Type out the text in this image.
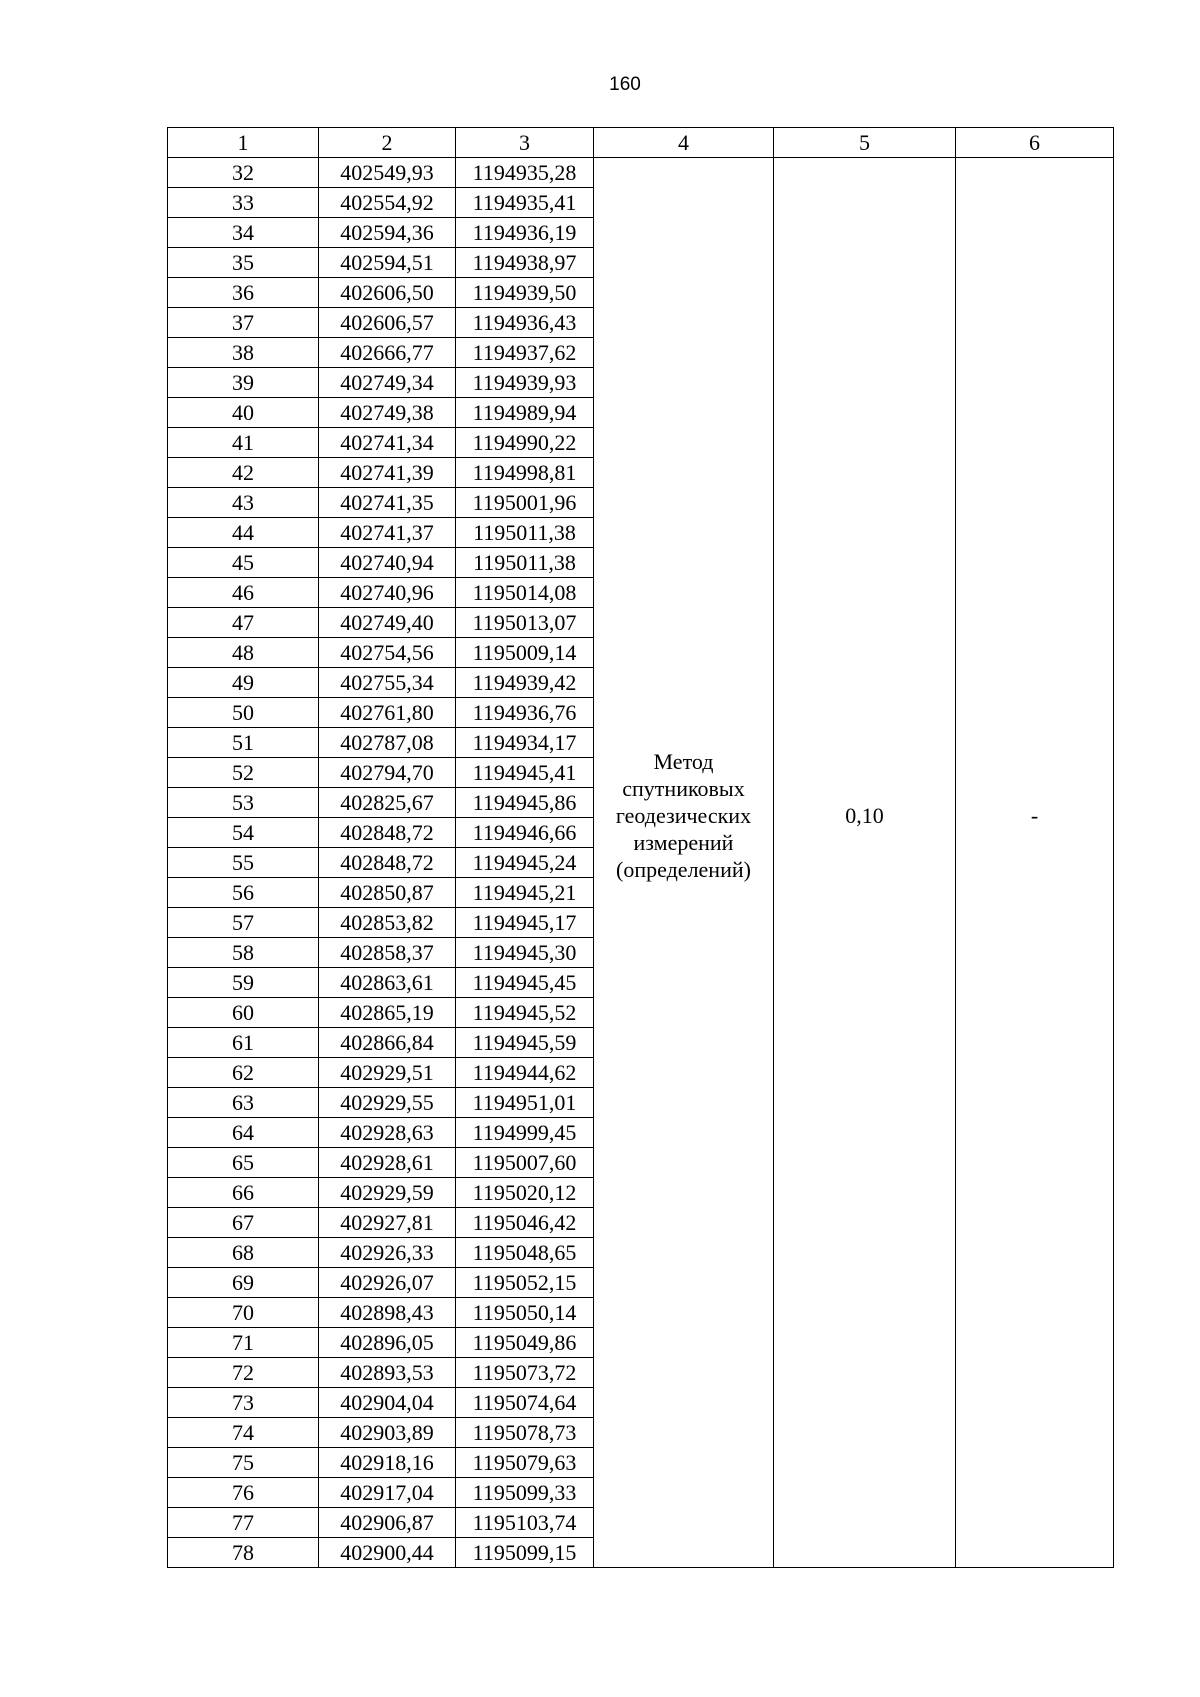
160
1	2	3	4	5	6
32	402549,93	1194935,28	Метод
спутниковых
геодезических
измерений
(определений)	0,10	-

33	402554,92	1194935,41			
34	402594,36	1194936,19			
35	402594,51	1194938,97			
36	402606,50	1194939,50			
37	402606,57	1194936,43			
38	402666,77	1194937,62			
39	402749,34	1194939,93			
40	402749,38	1194989,94			
41	402741,34	1194990,22			
42	402741,39	1194998,81			
43	402741,35	1195001,96			
44	402741,37	1195011,38			
45	402740,94	1195011,38			
46	402740,96	1195014,08			
47	402749,40	1195013,07			
48	402754,56	1195009,14			
49	402755,34	1194939,42			
50	402761,80	1194936,76			
51	402787,08	1194934,17			
52	402794,70	1194945,41			
53	402825,67	1194945,86			
54	402848,72	1194946,66			
55	402848,72	1194945,24			
56	402850,87	1194945,21			
57	402853,82	1194945,17			
58	402858,37	1194945,30			
59	402863,61	1194945,45			
60	402865,19	1194945,52			
61	402866,84	1194945,59			
62	402929,51	1194944,62			
63	402929,55	1194951,01			
64	402928,63	1194999,45			
65	402928,61	1195007,60			
66	402929,59	1195020,12			
67	402927,81	1195046,42			
68	402926,33	1195048,65			
69	402926,07	1195052,15			
70	402898,43	1195050,14			
71	402896,05	1195049,86			
72	402893,53	1195073,72			
73	402904,04	1195074,64			
74	402903,89	1195078,73			
75	402918,16	1195079,63			
76	402917,04	1195099,33			
77	402906,87	1195103,74			
78	402900,44	1195099,15			
